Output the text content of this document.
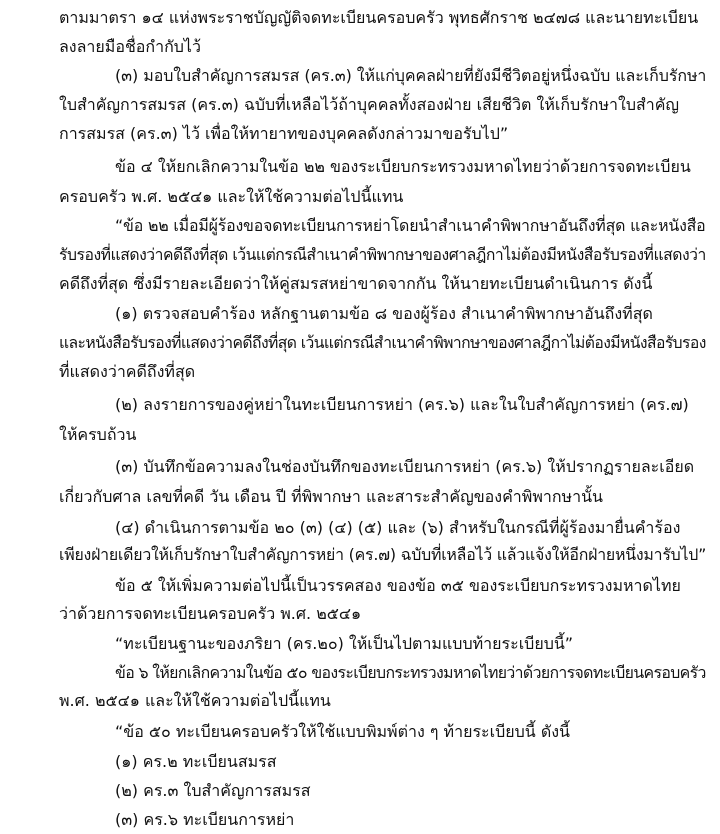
ตามมาตรา ๑๔ แห่งพระราชบัญญัติจดทะเบียนครอบครัว พุทธศักราช ๒๔๗๘ และนายทะเบียน
ลงลายมือชื่อกำกับไว้
(๓) มอบใบสำคัญการสมรส (คร.๓) ให้แก่บุคคลฝ่ายที่ยังมีชีวิตอยู่หนึ่งฉบับ และเก็บรักษา
ใบสำคัญการสมรส (คร.๓) ฉบับที่เหลือไว้ถ้าบุคคลทั้งสองฝ่าย เสียชีวิต ให้เก็บรักษาใบสำคัญ
การสมรส (คร.๓) ไว้ เพื่อให้ทายาทของบุคคลดังกล่าวมาขอรับไป”
ข้อ ๔ ให้ยกเลิกความในข้อ ๒๒ ของระเบียบกระทรวงมหาดไทยว่าด้วยการจดทะเบียน
ครอบครัว พ.ศ. ๒๕๔๑ และให้ใช้ความต่อไปนี้แทน
“ข้อ ๒๒ เมื่อมีผู้ร้องขอจดทะเบียนการหย่าโดยนำสำเนาคำพิพากษาอันถึงที่สุด และหนังสือ
รับรองที่แสดงว่าคดีถึงที่สุด เว้นแต่กรณีสำเนาคำพิพากษาของศาลฎีกาไม่ต้องมีหนังสือรับรองที่แสดงว่า
คดีถึงที่สุด ซึ่งมีรายละเอียดว่าให้คู่สมรสหย่าขาดจากกัน ให้นายทะเบียนดำเนินการ ดังนี้
(๑) ตรวจสอบคำร้อง หลักฐานตามข้อ ๘ ของผู้ร้อง สำเนาคำพิพากษาอันถึงที่สุด
และหนังสือรับรองที่แสดงว่าคดีถึงที่สุด เว้นแต่กรณีสำเนาคำพิพากษาของศาลฎีกาไม่ต้องมีหนังสือรับรอง
ที่แสดงว่าคดีถึงที่สุด
(๒) ลงรายการของคู่หย่าในทะเบียนการหย่า (คร.๖) และในใบสำคัญการหย่า (คร.๗)
ให้ครบถ้วน
(๓) บันทึกข้อความลงในช่องบันทึกของทะเบียนการหย่า (คร.๖) ให้ปรากฏรายละเอียด
เกี่ยวกับศาล เลขที่คดี วัน เดือน ปี ที่พิพากษา และสาระสำคัญของคำพิพากษานั้น
(๔) ดำเนินการตามข้อ ๒๐ (๓) (๔) (๕) และ (๖) สำหรับในกรณีที่ผู้ร้องมายื่นคำร้อง
เพียงฝ่ายเดียวให้เก็บรักษาใบสำคัญการหย่า (คร.๗) ฉบับที่เหลือไว้ แล้วแจ้งให้อีกฝ่ายหนึ่งมารับไป”
ข้อ ๕ ให้เพิ่มความต่อไปนี้เป็นวรรคสอง ของข้อ ๓๕ ของระเบียบกระทรวงมหาดไทย
ว่าด้วยการจดทะเบียนครอบครัว พ.ศ. ๒๕๔๑
“ทะเบียนฐานะของภริยา (คร.๒๐) ให้เป็นไปตามแบบท้ายระเบียบนี้”
ข้อ ๖ ให้ยกเลิกความในข้อ ๕๐ ของระเบียบกระทรวงมหาดไทยว่าด้วยการจดทะเบียนครอบครัว
พ.ศ. ๒๕๔๑ และให้ใช้ความต่อไปนี้แทน
“ข้อ ๕๐ ทะเบียนครอบครัวให้ใช้แบบพิมพ์ต่าง ๆ ท้ายระเบียบนี้ ดังนี้
(๑) คร.๒ ทะเบียนสมรส
(๒) คร.๓ ใบสำคัญการสมรส
(๓) คร.๖ ทะเบียนการหย่า
